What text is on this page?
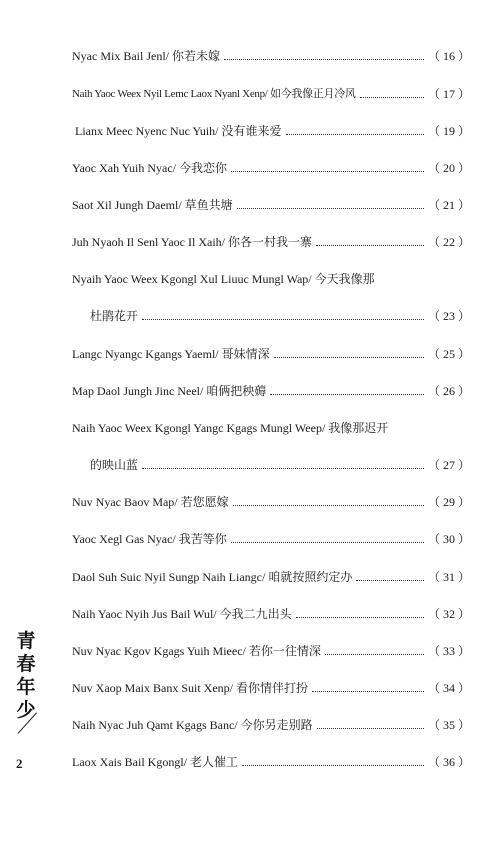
Nyac Mix Bail Jenl/ 你若未嫁	（ 16 ）
Naih Yaoc Weex Nyil Lemc Laox Nyanl Xenp/ 如今我像正月冷风	（ 17 ）
Lianx Meec Nyenc Nuc Yuih/ 没有谁来爱	（ 19 ）
Yaoc Xah Yuih Nyac/ 今我恋你	（ 20 ）
Saot Xil Jungh Daeml/ 草鱼共塘	（ 21 ）
Juh Nyaoh Il Senl Yaoc Il Xaih/ 你各一村我一寨	（ 22 ）
Nyaih Yaoc Weex Kgongl Xul Liuuc Mungl Wap/ 今天我像那
杜鹃花开	（ 23 ）
Langc Nyangc Kgangs Yaeml/ 哥妹情深	（ 25 ）
Map Daol Jungh Jinc Neel/ 咱俩把秧薅	（ 26 ）
Naih Yaoc Weex Kgongl Yangc Kgags Mungl Weep/ 我像那迟开
的映山蓝	（ 27 ）
Nuv Nyac Baov Map/ 若您愿嫁	（ 29 ）
Yaoc Xegl Gas Nyac/ 我苦等你	（ 30 ）
Daol Suh Suic Nyil Sungp Naih Liangc/ 咱就按照约定办	（ 31 ）
Naih Yaoc Nyih Jus Bail Wul/ 今我二九出头	（ 32 ）
Nuv Nyac Kgov Kgags Yuih Mieec/ 若你一往情深	（ 33 ）
Nuv Xaop Maix Banx Suit Xenp/ 看你情伴打扮	（ 34 ）
Naih Nyac Juh Qamt Kgags Banc/ 今你另走别路	（ 35 ）
Laox Xais Bail Kgongl/ 老人催工	（ 36 ）
青
春
年
少
2
